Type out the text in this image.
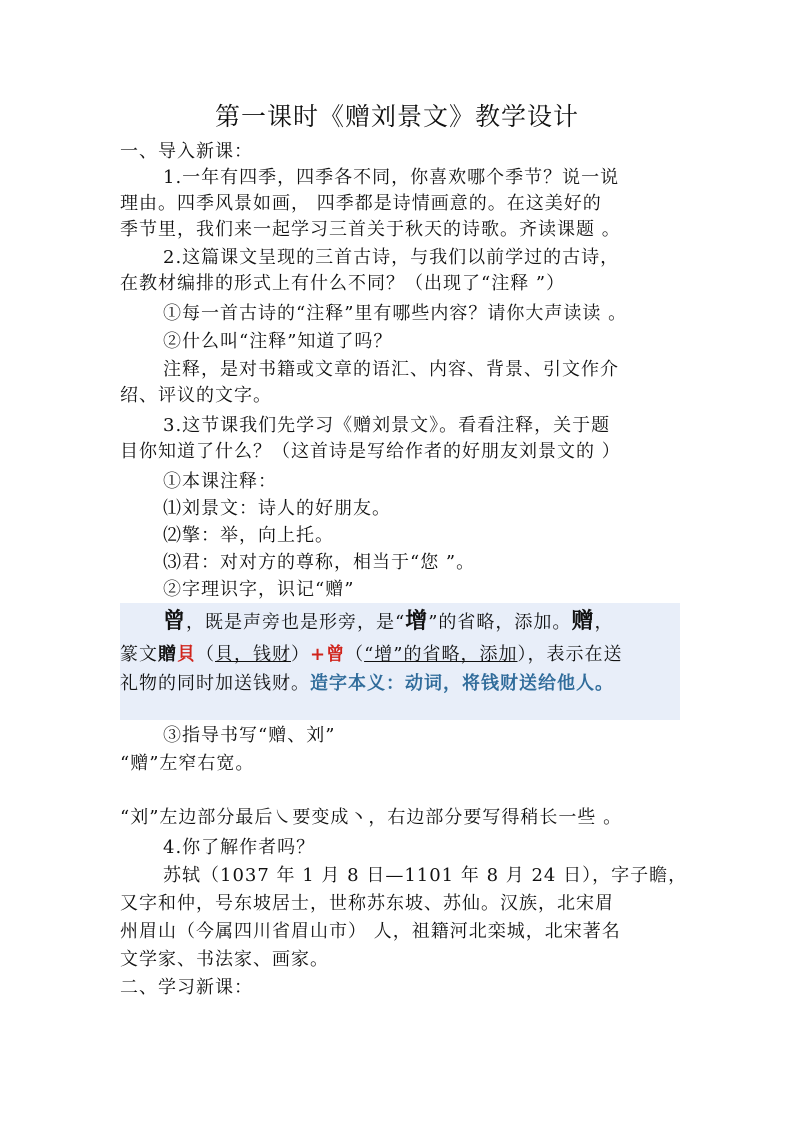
第一课时《赠刘景文》教学设计
一、导入新课：
1.一年有四季，四季各不同，你喜欢哪个季节？说一说
理由。四季风景如画， 四季都是诗情画意的。在这美好的
季节里，我们来一起学习三首关于秋天的诗歌。齐读课题 。
2.这篇课文呈现的三首古诗，与我们以前学过的古诗，
在教材编排的形式上有什么不同？（出现了“注释 ”）
①每一首古诗的“注释”里有哪些内容？请你大声读读 。
②什么叫“注释”知道了吗？
注释，是对书籍或文章的语汇、内容、背景、引文作介
绍、评议的文字。
3.这节课我们先学习《赠刘景文》。看看注释，关于题
目你知道了什么？（这首诗是写给作者的好朋友刘景文的 ）
①本课注释：
⑴刘景文：诗人的好朋友。
⑵擎：举，向上托。
⑶君：对对方的尊称，相当于“您 ”。
②字理识字，识记“赠”
曾，既是声旁也是形旁，是“增”的省略，添加。赠，
篆文贈貝（貝，钱财）+曾（“增”的省略，添加），表示在送
礼物的同时加送钱财。造字本义：动词，将钱财送给他人。
③指导书写“赠、刘”
“赠”左窄右宽。
“刘”左边部分最后㇏要变成丶，右边部分要写得稍长一些 。
4.你了解作者吗？
苏轼（1037 年 1 月 8 日—1101 年 8 月 24 日），字子瞻，
又字和仲，号东坡居士，世称苏东坡、苏仙。汉族，北宋眉
州眉山（今属四川省眉山市） 人，祖籍河北栾城，北宋著名
文学家、书法家、画家。
二、学习新课：
